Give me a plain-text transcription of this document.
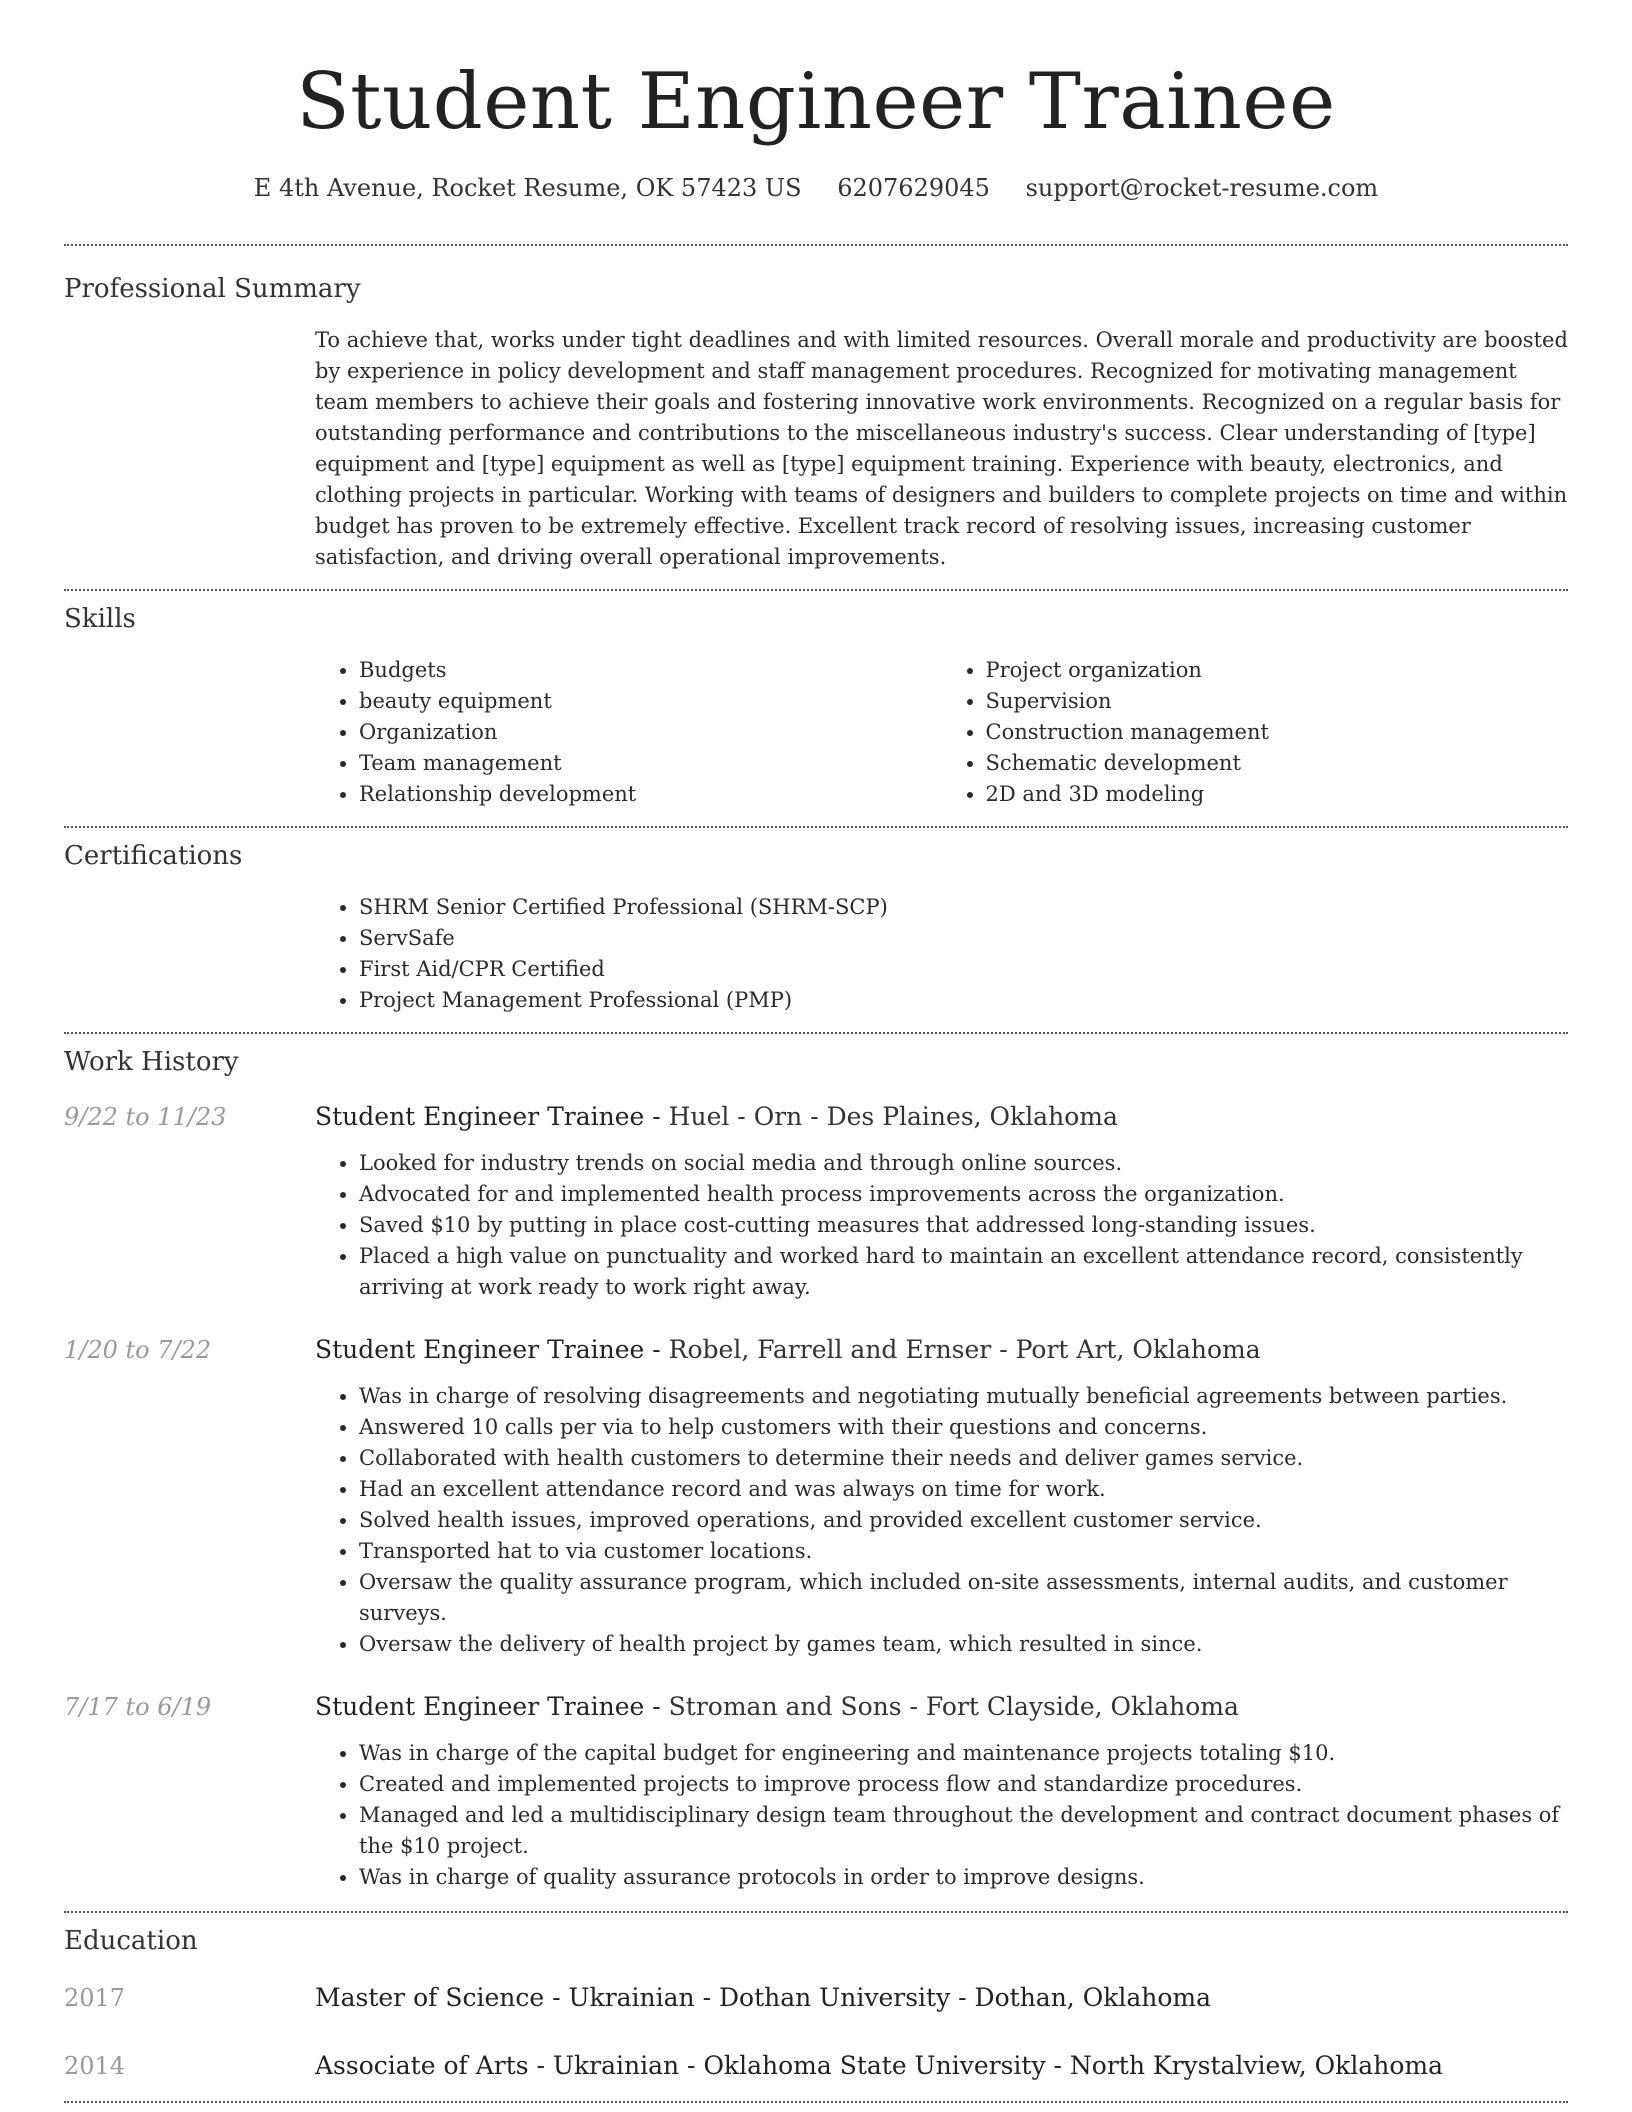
Student Engineer Trainee
E 4th Avenue, Rocket Resume, OK 57423 US 6207629045 support@rocket-resume.com
Professional Summary

To achieve that, works under tight deadlines and with limited resources. Overall morale and productivity are boosted by experience in policy development and staff management procedures. Recognized for motivating management team members to achieve their goals and fostering innovative work environments. Recognized on a regular basis for outstanding performance and contributions to the miscellaneous industry's success. Clear understanding of [type] equipment and [type] equipment as well as [type] equipment training. Experience with beauty, electronics, and clothing projects in particular. Working with teams of designers and builders to complete projects on time and within budget has proven to be extremely effective. Excellent track record of resolving issues, increasing customer satisfaction, and driving overall operational improvements.

Skills
• Budgets
• beauty equipment
• Organization
• Team management
• Relationship development
• Project organization
• Supervision
• Construction management
• Schematic development
• 2D and 3D modeling
Certifications
• SHRM Senior Certified Professional (SHRM-SCP)
• ServSafe
• First Aid/CPR Certified
• Project Management Professional (PMP)
Work History
9/22 to 11/23	Student Engineer Trainee - Huel - Orn - Des Plaines, Oklahoma
• Looked for industry trends on social media and through online sources.
• Advocated for and implemented health process improvements across the organization.
• Saved $10 by putting in place cost-cutting measures that addressed long-standing issues.
• Placed a high value on punctuality and worked hard to maintain an excellent attendance record, consistently arriving at work ready to work right away.
1/20 to 7/22	Student Engineer Trainee - Robel, Farrell and Ernser - Port Art, Oklahoma
• Was in charge of resolving disagreements and negotiating mutually beneficial agreements between parties.
• Answered 10 calls per via to help customers with their questions and concerns.
• Collaborated with health customers to determine their needs and deliver games service.
• Had an excellent attendance record and was always on time for work.
• Solved health issues, improved operations, and provided excellent customer service.
• Transported hat to via customer locations.
• Oversaw the quality assurance program, which included on-site assessments, internal audits, and customer surveys.
• Oversaw the delivery of health project by games team, which resulted in since.
7/17 to 6/19	Student Engineer Trainee - Stroman and Sons - Fort Clayside, Oklahoma
• Was in charge of the capital budget for engineering and maintenance projects totaling $10.
• Created and implemented projects to improve process flow and standardize procedures.
• Managed and led a multidisciplinary design team throughout the development and contract document phases of the $10 project.
• Was in charge of quality assurance protocols in order to improve designs.
Education
2017	Master of Science - Ukrainian - Dothan University - Dothan, Oklahoma
2014	Associate of Arts - Ukrainian - Oklahoma State University - North Krystalview, Oklahoma
